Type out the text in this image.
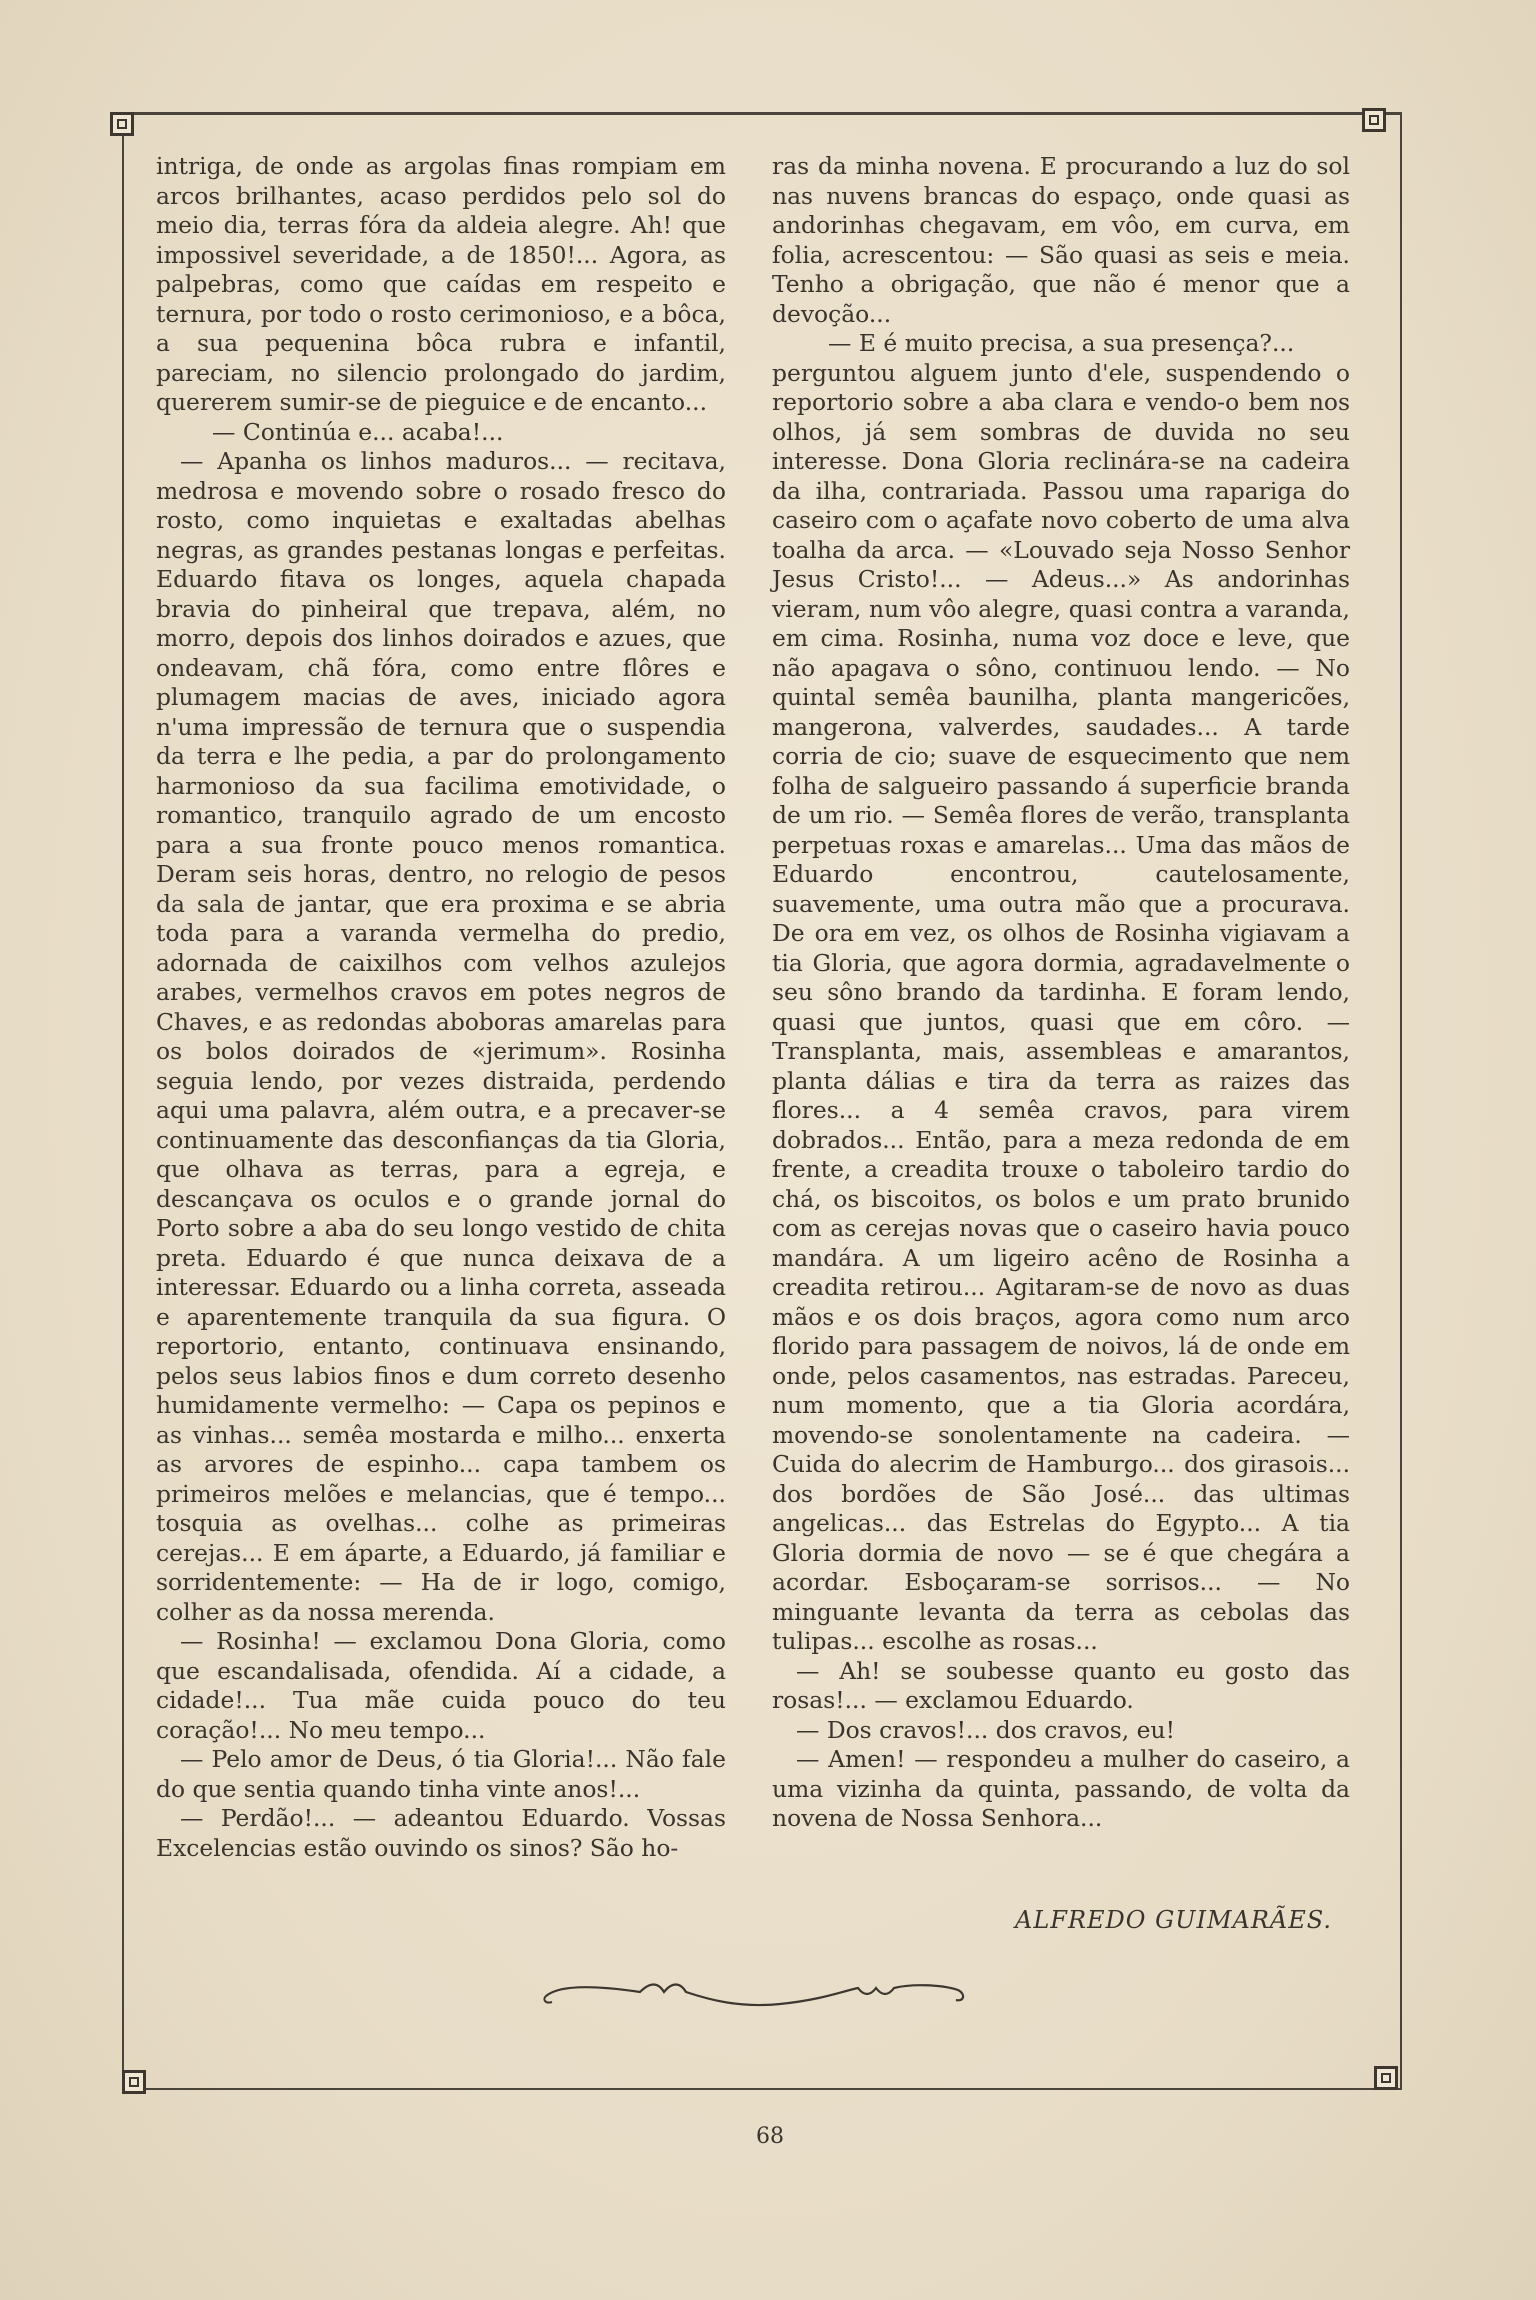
intriga, de onde as argolas finas rompiam em arcos brilhantes, acaso perdidos pelo sol do meio dia, terras fóra da aldeia alegre. Ah! que impossivel severidade, a de 1850!... Agora, as palpebras, como que caídas em respeito e ternura, por todo o rosto cerimonioso, e a bôca, a sua pequenina bôca rubra e infantil, pareciam, no silencio prolongado do jardim, quererem sumir-se de pieguice e de encanto...

— Continúa e... acaba!...

— Apanha os linhos maduros... — recitava, medrosa e movendo sobre o rosado fresco do rosto, como inquietas e exaltadas abelhas negras, as grandes pestanas longas e perfeitas. Eduardo fitava os longes, aquela chapada bravia do pinheiral que trepava, além, no morro, depois dos linhos doirados e azues, que ondeavam, chã fóra, como entre flôres e plumagem macias de aves, iniciado agora n'uma impressão de ternura que o suspendia da terra e lhe pedia, a par do prolongamento harmonioso da sua facilima emotividade, o romantico, tranquilo agrado de um encosto para a sua fronte pouco menos romantica. Deram seis horas, dentro, no relogio de pesos da sala de jantar, que era proxima e se abria toda para a varanda vermelha do predio, adornada de caixilhos com velhos azulejos arabes, vermelhos cravos em potes negros de Chaves, e as redondas aboboras amarelas para os bolos doirados de «jerimum». Rosinha seguia lendo, por vezes distraida, perdendo aqui uma palavra, além outra, e a precaver-se continuamente das desconfianças da tia Gloria, que olhava as terras, para a egreja, e descançava os oculos e o grande jornal do Porto sobre a aba do seu longo vestido de chita preta. Eduardo é que nunca deixava de a interessar. Eduardo ou a linha correta, asseada e aparentemente tranquila da sua figura. O reportorio, entanto, continuava ensinando, pelos seus labios finos e dum correto desenho humidamente vermelho: — Capa os pepinos e as vinhas... semêa mostarda e milho... enxerta as arvores de espinho... capa tambem os primeiros melões e melancias, que é tempo... tosquia as ovelhas... colhe as primeiras cerejas... E em áparte, a Eduardo, já familiar e sorridentemente: — Ha de ir logo, comigo, colher as da nossa merenda.

— Rosinha! — exclamou Dona Gloria, como que escandalisada, ofendida. Aí a cidade, a cidade!... Tua mãe cuida pouco do teu coração!... No meu tempo...

— Pelo amor de Deus, ó tia Gloria!... Não fale do que sentia quando tinha vinte anos!...

— Perdão!... — adeantou Eduardo. Vossas Excelencias estão ouvindo os sinos? São ho-

ras da minha novena. E procurando a luz do sol nas nuvens brancas do espaço, onde quasi as andorinhas chegavam, em vôo, em curva, em folia, acrescentou: — São quasi as seis e meia. Tenho a obrigação, que não é menor que a devoção...

— E é muito precisa, a sua presença?...

perguntou alguem junto d'ele, suspendendo o reportorio sobre a aba clara e vendo-o bem nos olhos, já sem sombras de duvida no seu interesse. Dona Gloria reclinára-se na cadeira da ilha, contrariada. Passou uma rapariga do caseiro com o açafate novo coberto de uma alva toalha da arca. — «Louvado seja Nosso Senhor Jesus Cristo!... — Adeus...» As andorinhas vieram, num vôo alegre, quasi contra a varanda, em cima. Rosinha, numa voz doce e leve, que não apagava o sôno, continuou lendo. — No quintal semêa baunilha, planta mangericões, mangerona, valverdes, saudades... A tarde corria de cio; suave de esquecimento que nem folha de salgueiro passando á superficie branda de um rio. — Semêa flores de verão, transplanta perpetuas roxas e amarelas... Uma das mãos de Eduardo encontrou, cautelosamente, suavemente, uma outra mão que a procurava. De ora em vez, os olhos de Rosinha vigiavam a tia Gloria, que agora dormia, agradavelmente o seu sôno brando da tardinha. E foram lendo, quasi que juntos, quasi que em côro. — Transplanta, mais, assembleas e amarantos, planta dálias e tira da terra as raizes das flores... a 4 semêa cravos, para virem dobrados... Então, para a meza redonda de em frente, a creadita trouxe o taboleiro tardio do chá, os biscoitos, os bolos e um prato brunido com as cerejas novas que o caseiro havia pouco mandára. A um ligeiro acêno de Rosinha a creadita retirou... Agitaram-se de novo as duas mãos e os dois braços, agora como num arco florido para passagem de noivos, lá de onde em onde, pelos casamentos, nas estradas. Pareceu, num momento, que a tia Gloria acordára, movendo-se sonolentamente na cadeira. — Cuida do alecrim de Hamburgo... dos girasois... dos bordões de São José... das ultimas angelicas... das Estrelas do Egypto... A tia Gloria dormia de novo — se é que chegára a acordar. Esboçaram-se sorrisos... — No minguante levanta da terra as cebolas das tulipas... escolhe as rosas...

— Ah! se soubesse quanto eu gosto das rosas!... — exclamou Eduardo.

— Dos cravos!... dos cravos, eu!

— Amen! — respondeu a mulher do caseiro, a uma vizinha da quinta, passando, de volta da novena de Nossa Senhora...

ALFREDO GUIMARÃES.
68
